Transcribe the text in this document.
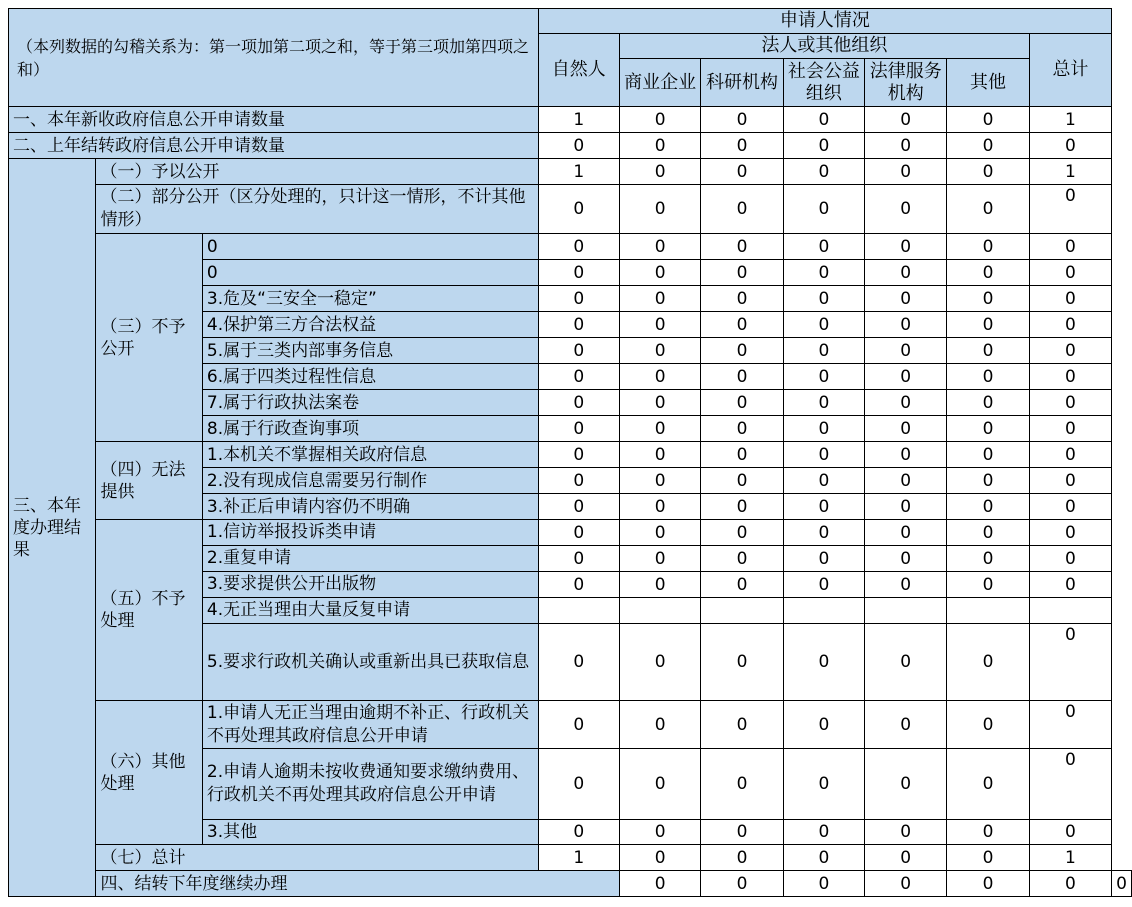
（本列数据的勾稽关系为：第一项加第二项之和，等于第三项加第四项之和）			申请人情况							
			自然人	法人或其他组织					总计	
				商业企业	科研机构	社会公益组织	法律服务机构	其他		
一、本年新收政府信息公开申请数量			1	0	0	0	0	0	1	

二、上年结转政府信息公开申请数量			0	0	0	0	0	0	0	

三、本年度办理结果	（一）予以公开		1	0	0	0	0	0	1	

	（二）部分公开（区分处理的，只计这一情形，不计其他情形）		0	0	0	0	0	0	0	

	（三）不予公开	0	0	0	0	0	0	0	0	

		0	0	0	0	0	0	0	0	

		3.危及“三安全一稳定”	0	0	0	0	0	0	0	

		4.保护第三方合法权益	0	0	0	0	0	0	0	

		5.属于三类内部事务信息	0	0	0	0	0	0	0	

		6.属于四类过程性信息	0	0	0	0	0	0	0	

		7.属于行政执法案卷	0	0	0	0	0	0	0	

		8.属于行政查询事项	0	0	0	0	0	0	0	

	（四）无法提供	1.本机关不掌握相关政府信息	0	0	0	0	0	0	0	

		2.没有现成信息需要另行制作	0	0	0	0	0	0	0	

		3.补正后申请内容仍不明确	0	0	0	0	0	0	0	

	（五）不予处理	1.信访举报投诉类申请	0	0	0	0	0	0	0	

		2.重复申请	0	0	0	0	0	0	0	

		3.要求提供公开出版物	0	0	0	0	0	0	0	

		4.无正当理由大量反复申请		

		5.要求行政机关确认或重新出具已获取信息	0	0	0	0	0	0	0	

	（六）其他处理	1.申请人无正当理由逾期不补正、行政机关不再处理其政府信息公开申请	0	0	0	0	0	0	0	

		2.申请人逾期未按收费通知要求缴纳费用、行政机关不再处理其政府信息公开申请	0	0	0	0	0	0	0	

		3.其他	0	0	0	0	0	0	0	

	（七）总计		1	0	0	0	0	0	1	

	四、结转下年度继续办理			0	0	0	0	0	0	0
